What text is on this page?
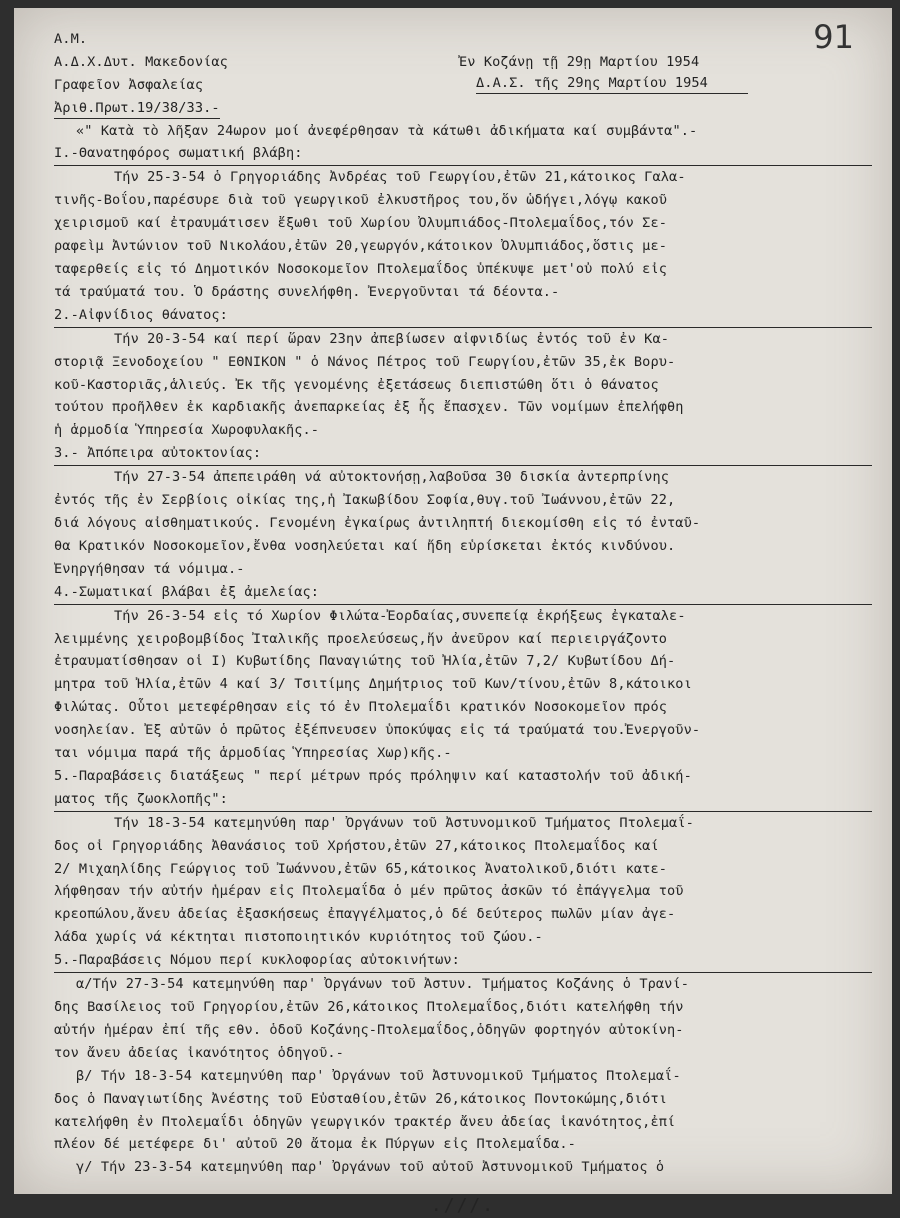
91
Α.Μ.
Α.Δ.Χ.Δυτ. Μακεδονίας	Ἐν Κοζάνῃ τῇ 29ῃ Μαρτίου 1954
Γραφεῖον Ἀσφαλείας	Δ.Α.Σ. τῆς 29ης Μαρτίου 1954
Ἀριθ.Πρωτ.19/38/33.-
«" Κατὰ τὸ λῆξαν 24ωρον μοί ἀνεφέρθησαν τὰ κάτωθι ἀδικήματα καί συμβάντα".-
Ι.-Θανατηφόρος σωματική βλάβη:
Τήν 25-3-54 ὁ Γρηγοριάδης Ἀνδρέας τοῦ Γεωργίου,ἐτῶν 21,κάτοικος Γαλα-
τινῆς-Βοΐου,παρέσυρε διὰ τοῦ γεωργικοῦ ἐλκυστῆρος του,ὅν ὡδήγει,λόγῳ κακοῦ
χειρισμοῦ καί ἐτραυμάτισεν ἔξωθι τοῦ Χωρίου Ὀλυμπιάδος-Πτολεμαΐδος,τόν Σε-
ραφεὶμ Ἀντώνιον τοῦ Νικολάου,ἐτῶν 20,γεωργόν,κάτοικον Ὀλυμπιάδος,ὅστις με-
ταφερθείς εἰς τό Δημοτικόν Νοσοκομεῖον Πτολεμαΐδος ὑπέκυψε μετ'οὐ πολύ εἰς
τά τραύματά του. Ὁ δράστης συνελήφθη. Ἐνεργοῦνται τά δέοντα.-
2.-Αἰφνίδιος θάνατος:
Τήν 20-3-54 καί περί ὥραν 23ην ἀπεβίωσεν αἰφνιδίως ἐντός τοῦ ἐν Κα-
στοριᾷ Ξενοδοχείου " ΕΘΝΙΚΟΝ " ὁ Νάνος Πέτρος τοῦ Γεωργίου,ἐτῶν 35,ἐκ Βορυ-
κοῦ-Καστοριᾶς,ἁλιεύς. Ἐκ τῆς γενομένης ἐξετάσεως διεπιστώθη ὅτι ὁ θάνατος
τούτου προῆλθεν ἐκ καρδιακῆς ἀνεπαρκείας ἐξ ἧς ἔπασχεν. Τῶν νομίμων ἐπελήφθη
ἡ ἁρμοδία Ὑπηρεσία Χωροφυλακῆς.-
3.- Ἀπόπειρα αὐτοκτονίας:
Τήν 27-3-54 ἀπεπειράθη νά αὐτοκτονήσῃ,λαβοῦσα 30 δισκία ἀντερπρίνης
ἐντός τῆς ἐν Σερβίοις οἰκίας της,ἡ Ἰακωβίδου Σοφία,θυγ.τοῦ Ἰωάννου,ἐτῶν 22,
διά λόγους αἰσθηματικούς. Γενομένη ἐγκαίρως ἀντιληπτή διεκομίσθη εἰς τό ἐνταῦ-
θα Κρατικόν Νοσοκομεῖον,ἔνθα νοσηλεύεται καί ἤδη εὑρίσκεται ἐκτός κινδύνου.
Ἐνηργήθησαν τά νόμιμα.-
4.-Σωματικαί βλάβαι ἐξ ἀμελείας:
Τήν 26-3-54 εἰς τό Χωρίον Φιλώτα-Ἐορδαίας,συνεπείᾳ ἐκρήξεως ἐγκαταλε-
λειμμένης χειροβομβίδος Ἰταλικῆς προελεύσεως,ἥν ἀνεῦρον καί περιειργάζοντο
ἐτραυματίσθησαν οἱ Ι) Κυβωτίδης Παναγιώτης τοῦ Ἠλία,ἐτῶν 7,2/ Κυβωτίδου Δή-
μητρα τοῦ Ἠλία,ἐτῶν 4 καί 3/ Τσιτίμης Δημήτριος τοῦ Κων/τίνου,ἐτῶν 8,κάτοικοι
Φιλώτας. Οὗτοι μετεφέρθησαν εἰς τό ἐν Πτολεμαΐδι κρατικόν Νοσοκομεῖον πρός
νοσηλείαν. Ἐξ αὐτῶν ὁ πρῶτος ἐξέπνευσεν ὑποκύψας εἰς τά τραύματά του.Ἐνεργοῦν-
ται νόμιμα παρά τῆς ἁρμοδίας Ὑπηρεσίας Χωρ)κῆς.-
5.-Παραβάσεις διατάξεως " περί μέτρων πρός πρόληψιν καί καταστολήν τοῦ ἀδική-
ματος τῆς ζωοκλοπῆς":
Τήν 18-3-54 κατεμηνύθη παρ' Ὀργάνων τοῦ Ἀστυνομικοῦ Τμήματος Πτολεμαΐ-
δος οἱ Γρηγοριάδης Ἀθανάσιος τοῦ Χρήστου,ἐτῶν 27,κάτοικος Πτολεμαΐδος καί
2/ Μιχαηλίδης Γεώργιος τοῦ Ἰωάννου,ἐτῶν 65,κάτοικος Ἀνατολικοῦ,διότι κατε-
λήφθησαν τήν αὐτήν ἡμέραν εἰς Πτολεμαΐδα ὁ μέν πρῶτος ἀσκῶν τό ἐπάγγελμα τοῦ
κρεοπώλου,ἄνευ ἀδείας ἐξασκήσεως ἐπαγγέλματος,ὁ δέ δεύτερος πωλῶν μίαν ἀγε-
λάδα χωρίς νά κέκτηται πιστοποιητικόν κυριότητος τοῦ ζώου.-
5.-Παραβάσεις Νόμου περί κυκλοφορίας αὐτοκινήτων:
α/Τήν 27-3-54 κατεμηνύθη παρ' Ὀργάνων τοῦ Ἀστυν. Τμήματος Κοζάνης ὁ Τρανί-
δης Βασίλειος τοῦ Γρηγορίου,ἐτῶν 26,κάτοικος Πτολεμαΐδος,διότι κατελήφθη τήν
αὐτήν ἡμέραν ἐπί τῆς εθν. ὁδοῦ Κοζάνης-Πτολεμαΐδος,ὁδηγῶν φορτηγόν αὐτοκίνη-
τον ἄνευ ἀδείας ἱκανότητος ὁδηγοῦ.-
β/ Τήν 18-3-54 κατεμηνύθη παρ' Ὀργάνων τοῦ Ἀστυνομικοῦ Τμήματος Πτολεμαΐ-
δος ὁ Παναγιωτίδης Ἀνέστης τοῦ Εὐσταθίου,ἐτῶν 26,κάτοικος Ποντοκώμης,διότι
κατελήφθη ἐν Πτολεμαΐδι ὁδηγῶν γεωργικόν τρακτέρ ἄνευ ἀδείας ἱκανότητος,ἐπί
πλέον δέ μετέφερε δι' αὐτοῦ 20 ἄτομα ἐκ Πύργων εἰς Πτολεμαΐδα.-
γ/ Τήν 23-3-54 κατεμηνύθη παρ' Ὀργάνων τοῦ αὐτοῦ Ἀστυνομικοῦ Τμήματος ὁ
.///.
